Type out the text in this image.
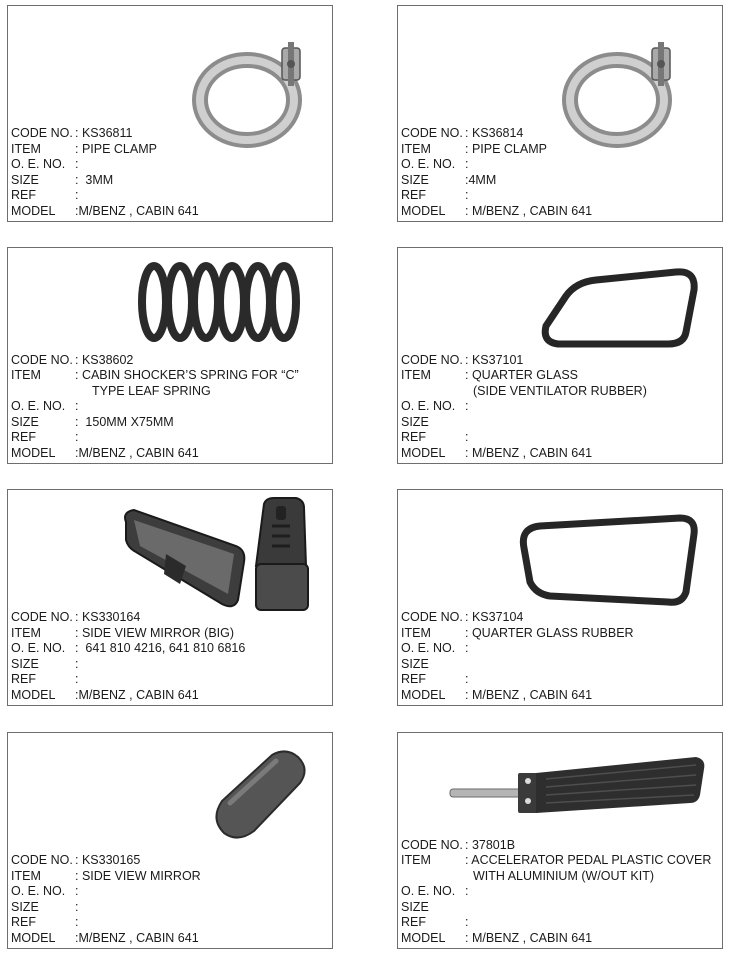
CODE NO. : KS36811
ITEM	: PIPE CLAMP
O. E. NO. :
SIZE	:  3MM
REF	:
MODEL	:M/BENZ , CABIN 641
CODE NO. : KS36814
ITEM	: PIPE CLAMP
O. E. NO. :
SIZE	:4MM
REF	:
MODEL	: M/BENZ , CABIN 641
CODE NO. : KS38602
ITEM	: CABIN SHOCKER’S SPRING FOR “C”
TYPE LEAF SPRING
O. E. NO. :
SIZE	:  150MM X75MM
REF	:
MODEL	:M/BENZ , CABIN 641
CODE NO. : KS37101
ITEM	: QUARTER GLASS
(SIDE VENTILATOR RUBBER)
O. E. NO. :
SIZE
REF	:
MODEL	: M/BENZ , CABIN 641
CODE NO. : KS330164
ITEM	: SIDE VIEW MIRROR (BIG)
O. E. NO. :  641 810 4216, 641 810 6816
SIZE	:
REF	:
MODEL	:M/BENZ , CABIN 641
CODE NO. : KS37104
ITEM	: QUARTER GLASS RUBBER
O. E. NO. :
SIZE
REF	:
MODEL	: M/BENZ , CABIN 641
CODE NO. : KS330165
ITEM	: SIDE VIEW MIRROR
O. E. NO. :
SIZE	:
REF	:
MODEL	:M/BENZ , CABIN 641
CODE NO. : 37801B
ITEM	: ACCELERATOR PEDAL PLASTIC COVER
WITH ALUMINIUM (W/OUT KIT)
O. E. NO. :
SIZE
REF	:
MODEL	: M/BENZ , CABIN 641
